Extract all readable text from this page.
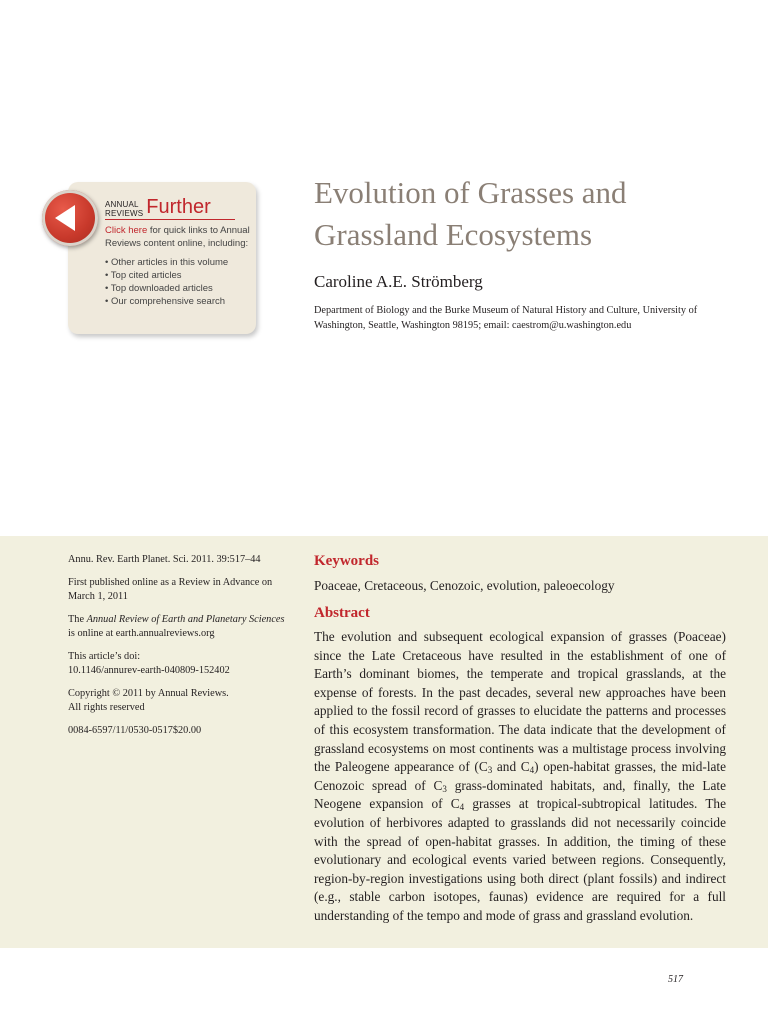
ANNUAL
REVIEWS Further
Click here for quick links to Annual Reviews content online, including:
• Other articles in this volume
• Top cited articles
• Top downloaded articles
• Our comprehensive search
Evolution of Grasses and Grassland Ecosystems

Caroline A.E. Strömberg

Department of Biology and the Burke Museum of Natural History and Culture, University of Washington, Seattle, Washington 98195; email: caestrom@u.washington.edu

Annu. Rev. Earth Planet. Sci. 2011. 39:517–44

First published online as a Review in Advance on March 1, 2011

The Annual Review of Earth and Planetary Sciences is online at earth.annualreviews.org

This article’s doi:
10.1146/annurev-earth-040809-152402

Copyright © 2011 by Annual Reviews.
All rights reserved

0084-6597/11/0530-0517$20.00

Keywords

Poaceae, Cretaceous, Cenozoic, evolution, paleoecology

Abstract

The evolution and subsequent ecological expansion of grasses (Poaceae) since the Late Cretaceous have resulted in the establishment of one of Earth’s dominant biomes, the temperate and tropical grasslands, at the expense of forests. In the past decades, several new approaches have been applied to the fossil record of grasses to elucidate the patterns and processes of this ecosystem transformation. The data indicate that the development of grassland ecosystems on most continents was a multistage process involving the Paleogene appearance of ($C_3$ and $C_4$) open-habitat grasses, the mid-late Cenozoic spread of $C_3$ grass-dominated habitats, and, finally, the Late Neogene expansion of $C_4$ grasses at tropical-subtropical latitudes. The evolution of herbivores adapted to grasslands did not necessarily coincide with the spread of open-habitat grasses. In addition, the timing of these evolutionary and ecological events varied between regions. Consequently, region-by-region investigations using both direct (plant fossils) and indirect (e.g., stable carbon isotopes, faunas) evidence are required for a full understanding of the tempo and mode of grass and grassland evolution.

517
